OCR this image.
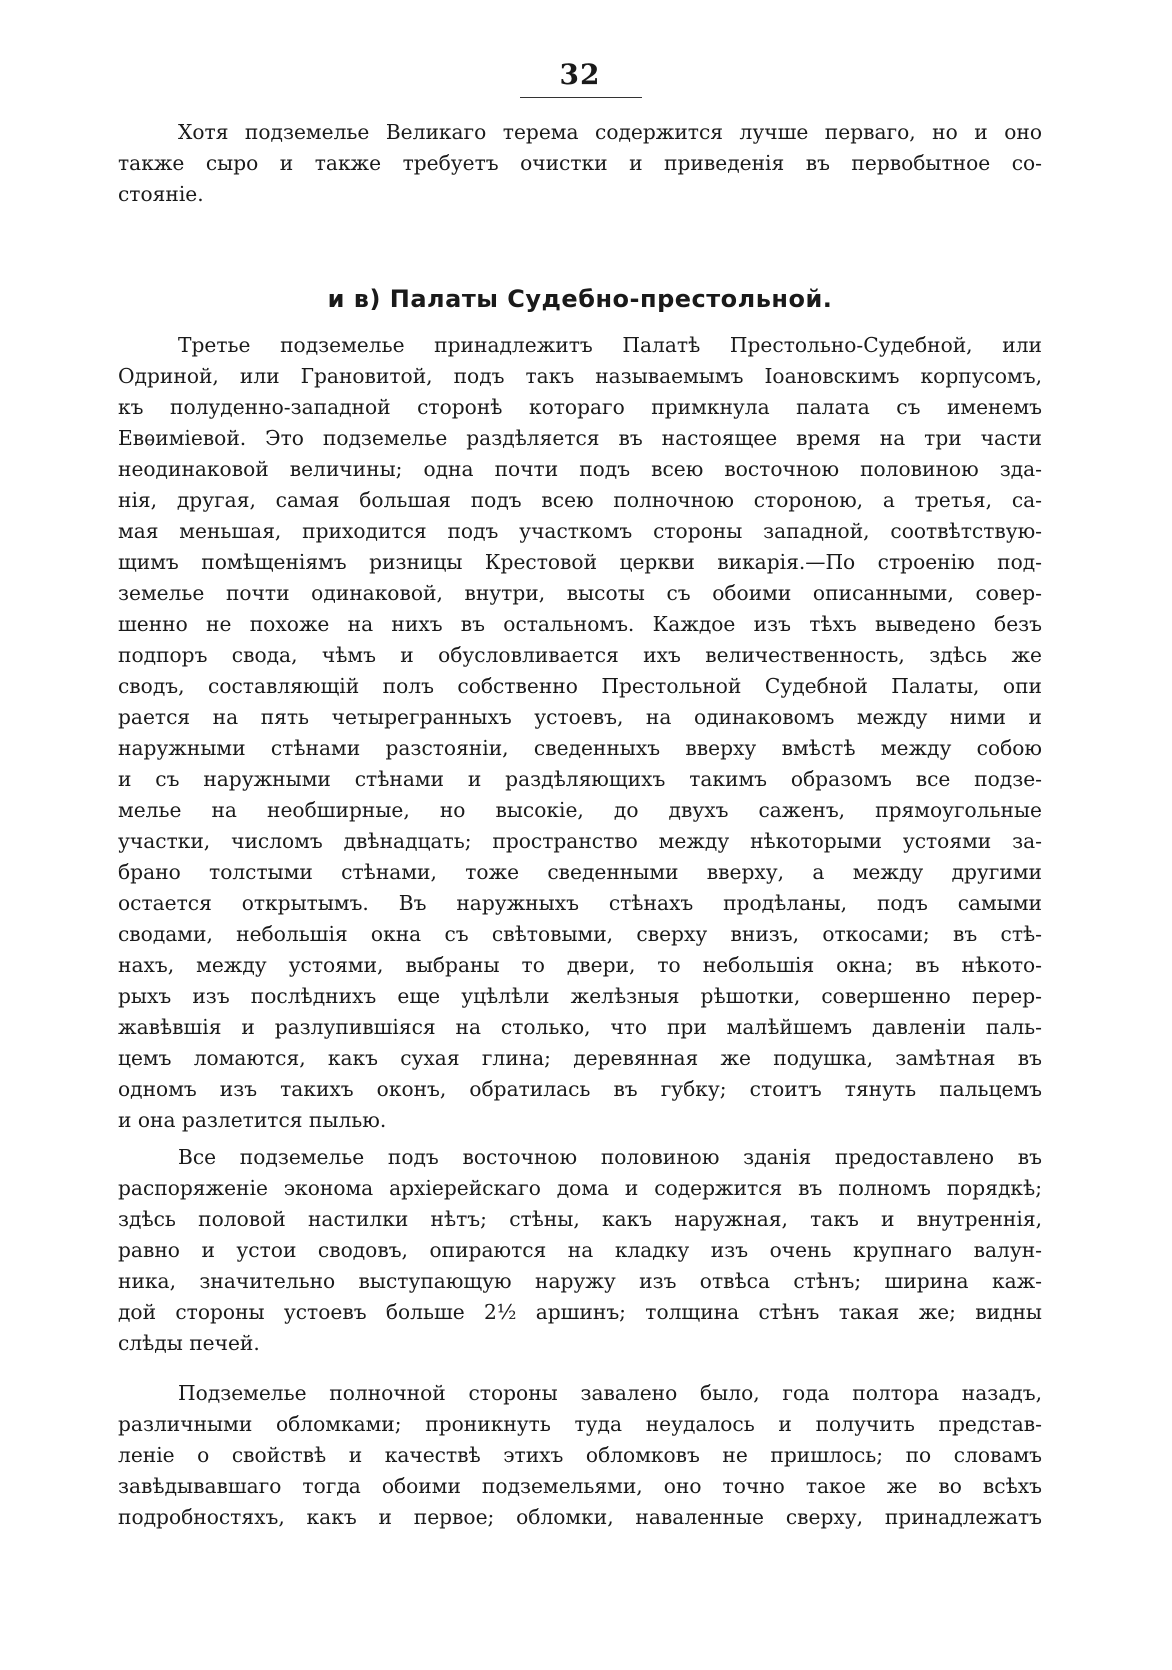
32
Хотя подземелье Великаго терема содержится лучше перваго, но и оно
также сыро и также требуетъ очистки и приведенія въ первобытное со-
стояніе.
и в) Палаты Судебно-престольной.
Третье подземелье принадлежитъ Палатѣ Престольно-Судебной, или
Одриной, или Грановитой, подъ такъ называемымъ Іоановскимъ корпусомъ,
къ полуденно-западной сторонѣ котораго примкнула палата съ именемъ
Евѳиміевой. Это подземелье раздѣляется въ настоящее время на три части
неодинаковой величины; одна почти подъ всею восточною половиною зда-
нія, другая, самая большая подъ всею полночною стороною, а третья, са-
мая меньшая, приходится подъ участкомъ стороны западной, соотвѣтствую-
щимъ помѣщеніямъ ризницы Крестовой церкви викарія.—По строенію под-
земелье почти одинаковой, внутри, высоты съ обоими описанными, совер-
шенно не похоже на нихъ въ остальномъ. Каждое изъ тѣхъ выведено безъ
подпоръ свода, чѣмъ и обусловливается ихъ величественность, здѣсь же
сводъ, составляющій полъ собственно Престольной Судебной Палаты, опи
рается на пять четырегранныхъ устоевъ, на одинаковомъ между ними и
наружными стѣнами разстояніи, сведенныхъ вверху вмѣстѣ между собою
и съ наружными стѣнами и раздѣляющихъ такимъ образомъ все подзе-
мелье на необширные, но высокіе, до двухъ саженъ, прямоугольные
участки, числомъ двѣнадцать; пространство между нѣкоторыми устоями за-
брано толстыми стѣнами, тоже сведенными вверху, а между другими
остается открытымъ. Въ наружныхъ стѣнахъ продѣланы, подъ самыми
сводами, небольшія окна съ свѣтовыми, сверху внизъ, откосами; въ стѣ-
нахъ, между устоями, выбраны то двери, то небольшія окна; въ нѣкото-
рыхъ изъ послѣднихъ еще уцѣлѣли желѣзныя рѣшотки, совершенно перер-
жавѣвшія и разлупившіяся на столько, что при малѣйшемъ давленіи паль-
цемъ ломаются, какъ сухая глина; деревянная же подушка, замѣтная въ
одномъ изъ такихъ оконъ, обратилась въ губку; стоитъ тянуть пальцемъ
и она разлетится пылью.
Все подземелье подъ восточною половиною зданія предоставлено въ
распоряженіе эконома архіерейскаго дома и содержится въ полномъ порядкѣ;
здѣсь половой настилки нѣтъ; стѣны, какъ наружная, такъ и внутреннія,
равно и устои сводовъ, опираются на кладку изъ очень крупнаго валун-
ника, значительно выступающую наружу изъ отвѣса стѣнъ; ширина каж-
дой стороны устоевъ больше 2½ аршинъ; толщина стѣнъ такая же; видны
слѣды печей.
Подземелье полночной стороны завалено было, года полтора назадъ,
различными обломками; проникнуть туда неудалось и получить представ-
леніе о свойствѣ и качествѣ этихъ обломковъ не пришлось; по словамъ
завѣдывавшаго тогда обоими подземельями, оно точно такое же во всѣхъ
подробностяхъ, какъ и первое; обломки, наваленные сверху, принадлежатъ
